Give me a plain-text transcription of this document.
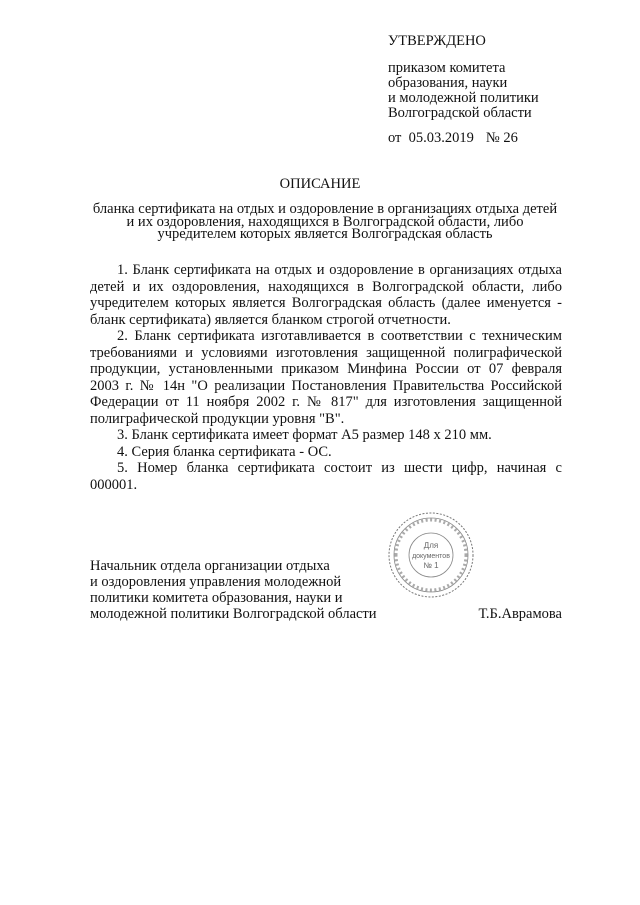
УТВЕРЖДЕНО
приказом комитета
образования, науки
и молодежной политики
Волгоградской области
от 05.03.2019 № 26
ОПИСАНИЕ
бланка сертификата на отдых и оздоровление в организациях отдыха детей и их оздоровления, находящихся в Волгоградской области, либо учредителем которых является Волгоградская область

1. Бланк сертификата на отдых и оздоровление в организациях отдыха детей и их оздоровления, находящихся в Волгоградской области, либо учредителем которых является Волгоградская область (далее именуется - бланк сертификата) является бланком строгой отчетности.

2. Бланк сертификата изготавливается в соответствии с техническим требованиями и условиями изготовления защищенной полиграфической продукции, установленными приказом Минфина России от 07 февраля 2003 г. № 14н "О реализации Постановления Правительства Российской Федерации от 11 ноября 2002 г. № 817" для изготовления защищенной полиграфической продукции уровня "В".

3. Бланк сертификата имеет формат А5 размер 148 х 210 мм.

4. Серия бланка сертификата - ОС.

5. Номер бланка сертификата состоит из шести цифр, начиная с 000001.

Для
документов
№ 1
Начальник отдела организации отдыха
и оздоровления управления молодежной
политики комитета образования, науки и
молодежной политики Волгоградской области	Т.Б.Аврамова
